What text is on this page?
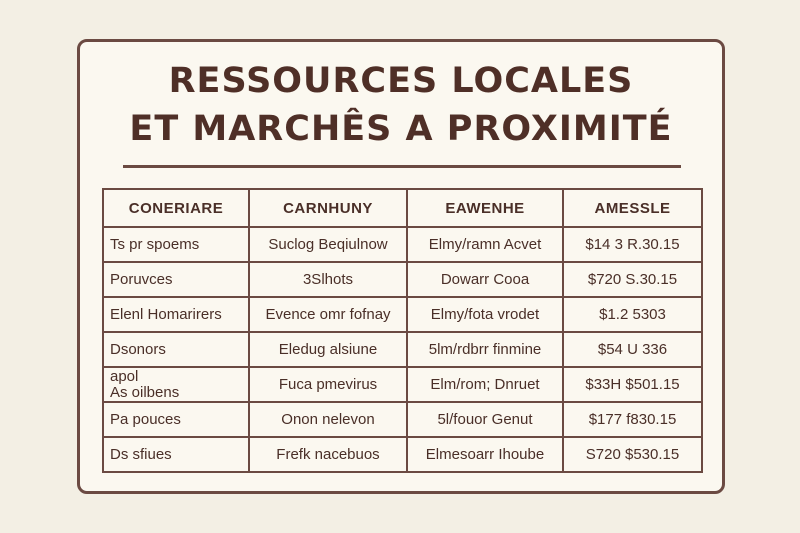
RESSOURCES LOCALES
ET MARCHÊS A PROXIMITÉ
CONERIARE	CARNHUNY	EAWENHE	AMESSLE
Ts pr spoems	Suclog Beqiulnow	Elmy/ramn Acvet	$14 3 R.30.15
Poruvces	3Slhots	Dowarr Cooa	$720 S.30.15
Elenl Homarirers	Evence omr fofnay	Elmy/fota vrodet	$1.2 5303
Dsonors	Eledug alsiune	5lm/rdbrr finmine	$54 U 336

apol
As oilbens	Fuca pmevirus	Elm/rom; Dnruet	$33H $501.15
Pa pouces	Onon nelevon	5l/fouor Genut	$177 f830.15
Ds sfiues	Frefk nacebuos	Elmesoarr Ihoube	S720 $530.15
